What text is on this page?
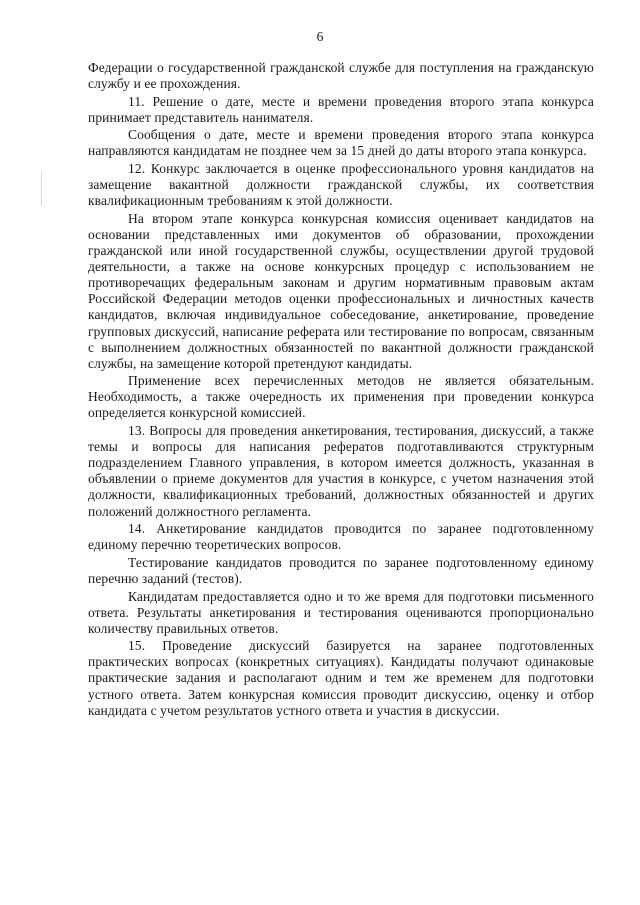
6

Федерации о государственной гражданской службе для поступления на гражданскую службу и ее прохождения.

11. Решение о дате, месте и времени проведения второго этапа конкурса принимает представитель нанимателя.

Сообщения о дате, месте и времени проведения второго этапа конкурса направляются кандидатам не позднее чем за 15 дней до даты второго этапа конкурса.

12. Конкурс заключается в оценке профессионального уровня кандидатов на замещение вакантной должности гражданской службы, их соответствия квалификационным требованиям к этой должности.

На втором этапе конкурса конкурсная комиссия оценивает кандидатов на основании представленных ими документов об образовании, прохождении гражданской или иной государственной службы, осуществлении другой трудовой деятельности, а также на основе конкурсных процедур с использованием не противоречащих федеральным законам и другим нормативным правовым актам Российской Федерации методов оценки профессиональных и личностных качеств кандидатов, включая индивидуальное собеседование, анкетирование, проведение групповых дискуссий, написание реферата или тестирование по вопросам, связанным с выполнением должностных обязанностей по вакантной должности гражданской службы, на замещение которой претендуют кандидаты.

Применение всех перечисленных методов не является обязательным. Необходимость, а также очередность их применения при проведении конкурса определяется конкурсной комиссией.

13. Вопросы для проведения анкетирования, тестирования, дискуссий, а также темы и вопросы для написания рефератов подготавливаются структурным подразделением Главного управления, в котором имеется должность, указанная в объявлении о приеме документов для участия в конкурсе, с учетом назначения этой должности, квалификационных требований, должностных обязанностей и других положений должностного регламента.

14. Анкетирование кандидатов проводится по заранее подготовленному единому перечню теоретических вопросов.

Тестирование кандидатов проводится по заранее подготовленному единому перечню заданий (тестов).

Кандидатам предоставляется одно и то же время для подготовки письменного ответа. Результаты анкетирования и тестирования оцениваются пропорционально количеству правильных ответов.

15. Проведение дискуссий базируется на заранее подготовленных практических вопросах (конкретных ситуациях). Кандидаты получают одинаковые практические задания и располагают одним и тем же временем для подготовки устного ответа. Затем конкурсная комиссия проводит дискуссию, оценку и отбор кандидата с учетом результатов устного ответа и участия в дискуссии.
